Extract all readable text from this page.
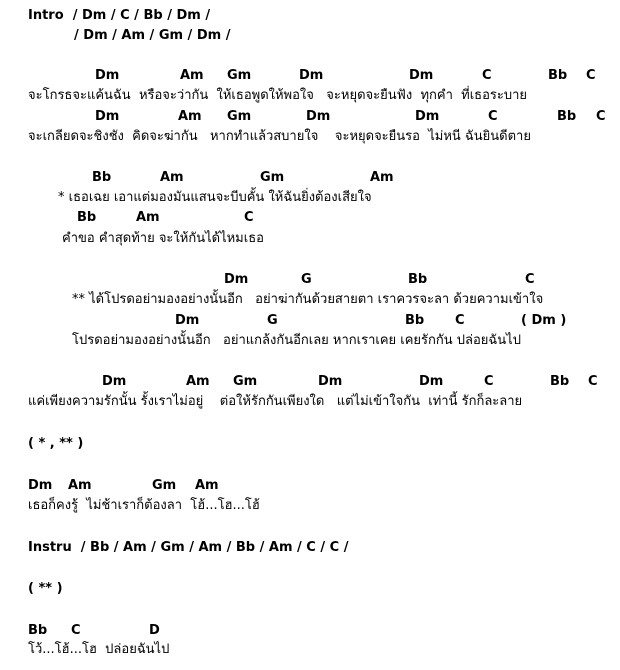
Intro  / Dm / C / Bb / Dm /
/ Dm / Am / Gm / Dm /
Dm	Am Gm	Dm	Dm	C	Bb C
จะโกรธจะแค้นฉัน  หรือจะว่ากัน  ให้เธอพูดให้พอใจ   จะหยุดจะยืนฟัง  ทุกคำ  ที่เธอระบาย
Dm	Am Gm	Dm	Dm	C	Bb C
จะเกลียดจะชิงชัง  คิดจะฆ่ากัน   หากทำแล้วสบายใจ    จะหยุดจะยืนรอ  ไม่หนี ฉันยินดีตาย
Bb	Am	Gm	Am
* เธอเฉย เอาแต่มองมันแสนจะบีบคั้น ให้ฉันยิ่งต้องเสียใจ
Bb	Am	C
คำขอ คำสุดท้าย จะให้กันได้ไหมเธอ
Dm	G	Bb	C
** ได้โปรดอย่ามองอย่างนั้นอีก   อย่าฆ่ากันด้วยสายตา เราควรจะลา ด้วยความเข้าใจ
Dm	G	Bb C	( Dm )
โปรดอย่ามองอย่างนั้นอีก   อย่าแกล้งกันอีกเลย หากเราเคย เคยรักกัน ปล่อยฉันไป
Dm	Am Gm	Dm	Dm	C	Bb C
แค่เพียงความรักนั้น รั้งเราไม่อยู่    ต่อให้รักกันเพียงใด   แต่ไม่เข้าใจกัน  เท่านี้ รักก็ละลาย
( * , ** )
Dm Am	Gm Am
เธอก็คงรู้  ไม่ช้าเราก็ต้องลา  โฮ้...โฮ...โฮ้
Instru  / Bb / Am / Gm / Am / Bb / Am / C / C /
( ** )
Bb C	D
โว้...โฮ้...โฮ  ปล่อยฉันไป
